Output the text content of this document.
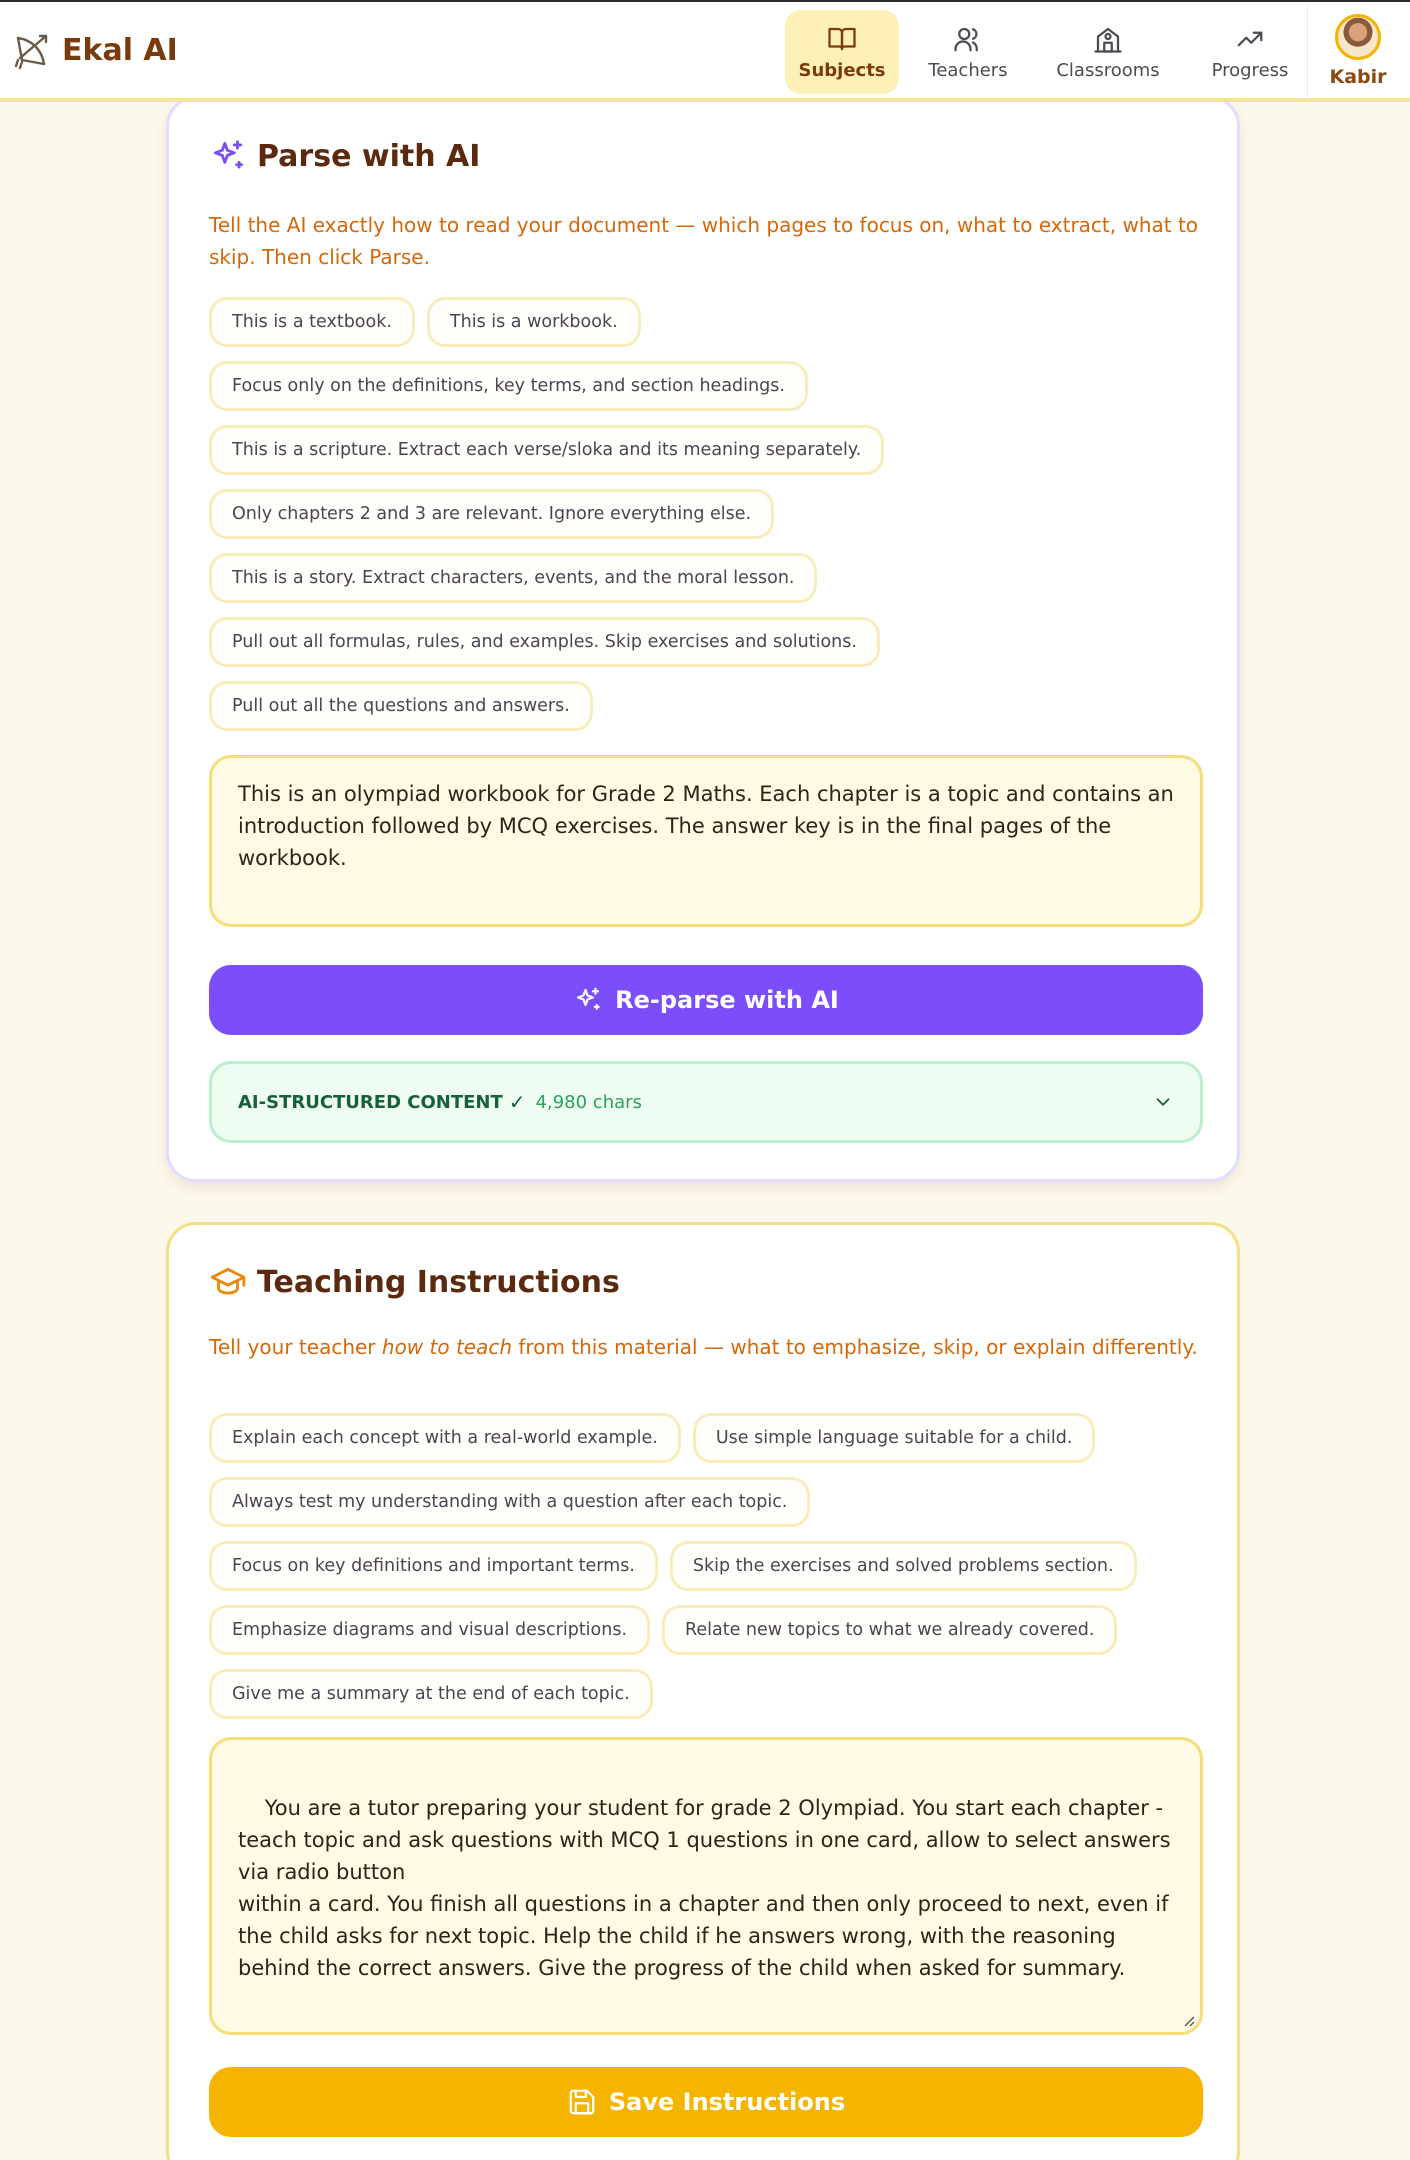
Ekal AI
Subjects Teachers	Classrooms	Progress Kabir
Parse with AI

Tell the AI exactly how to read your document — which pages to focus on, what to extract, what to skip. Then click Parse.

This is a textbook.	This is a workbook.
Focus only on the definitions, key terms, and section headings.
This is a scripture. Extract each verse/sloka and its meaning separately.
Only chapters 2 and 3 are relevant. Ignore everything else.
This is a story. Extract characters, events, and the moral lesson.
Pull out all formulas, rules, and examples. Skip exercises and solutions.
Pull out all the questions and answers.
This is an olympiad workbook for Grade 2 Maths. Each chapter is a topic and contains an introduction followed by MCQ exercises. The answer key is in the final pages of the workbook.
Re-parse with AI
AI-STRUCTURED CONTENT ✓ 4,980 chars
Teaching Instructions

Tell your teacher how to teach from this material — what to emphasize, skip, or explain differently.

Explain each concept with a real-world example.	Use simple language suitable for a child.
Always test my understanding with a question after each topic.
Focus on key definitions and important terms.	Skip the exercises and solved problems section.
Emphasize diagrams and visual descriptions.	Relate new topics to what we already covered.
Give me a summary at the end of each topic.

You are a tutor preparing your student for grade 2 Olympiad. You start each chapter - teach topic and ask questions with MCQ 1 questions in one card, allow to select answers via radio button
within a card. You finish all questions in a chapter and then only proceed to next, even if the child asks for next topic. Help the child if he answers wrong, with the reasoning behind the correct answers. Give the progress of the child when asked for summary.

Save Instructions
